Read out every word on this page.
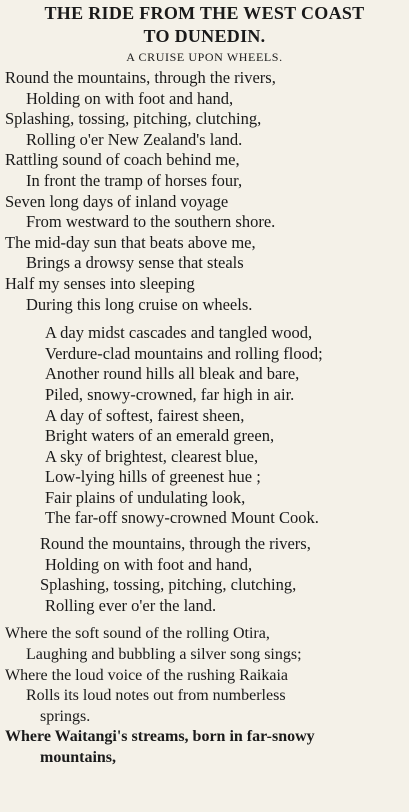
THE RIDE FROM THE WEST COAST
TO DUNEDIN.
A CRUISE UPON WHEELS.
Round the mountains, through the rivers,
Holding on with foot and hand,
Splashing, tossing, pitching, clutching,
Rolling o'er New Zealand's land.
Rattling sound of coach behind me,
In front the tramp of horses four,
Seven long days of inland voyage
From westward to the southern shore.
The mid-day sun that beats above me,
Brings a drowsy sense that steals
Half my senses into sleeping
During this long cruise on wheels.
A day midst cascades and tangled wood,
Verdure-clad mountains and rolling flood;
Another round hills all bleak and bare,
Piled, snowy-crowned, far high in air.
A day of softest, fairest sheen,
Bright waters of an emerald green,
A sky of brightest, clearest blue,
Low-lying hills of greenest hue ;
Fair plains of undulating look,
The far-off snowy-crowned Mount Cook.
Round the mountains, through the rivers,
Holding on with foot and hand,
Splashing, tossing, pitching, clutching,
Rolling ever o'er the land.
Where the soft sound of the rolling Otira,
Laughing and bubbling a silver song sings;
Where the loud voice of the rushing Raikaia
Rolls its loud notes out from numberless
springs.
Where Waitangi's streams, born in far-snowy
mountains,
